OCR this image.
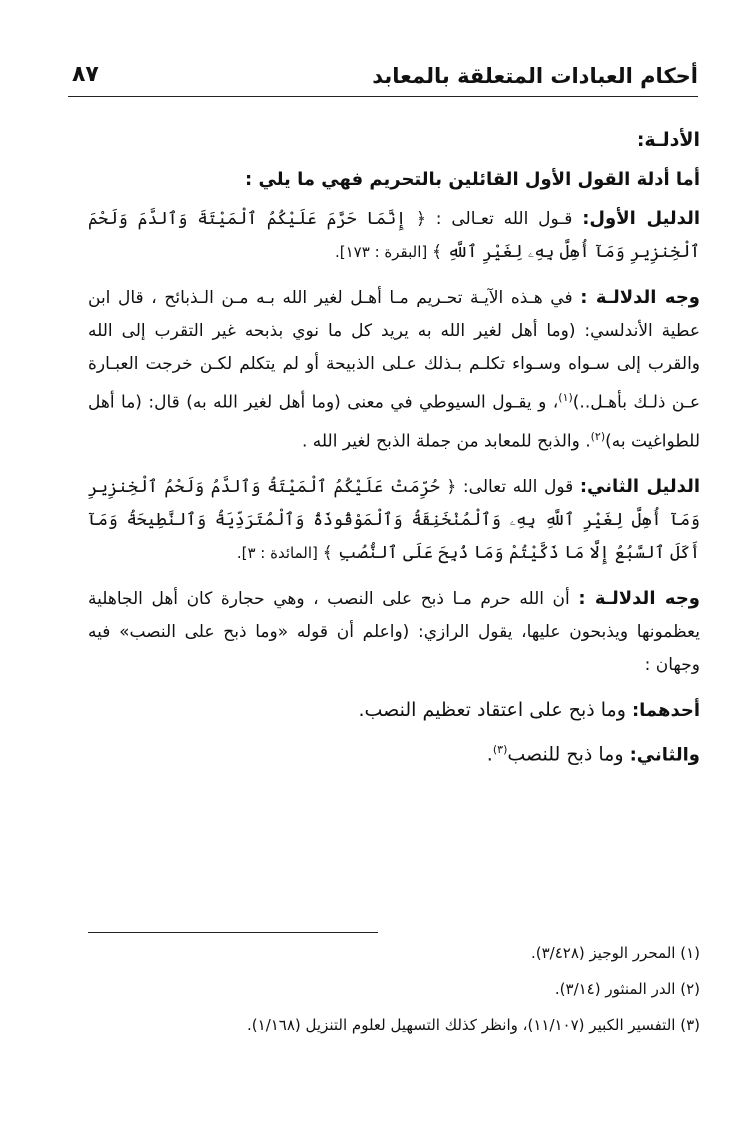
أحكام العبادات المتعلقة بالمعابد
٨٧
الأدلـة:
أما أدلة القول الأول القائلين بالتحريم فهي ما يلي :

الدليل الأول: قـول الله تعـالى : ﴿ إِنَّمَا حَرَّمَ عَلَيْكُمُ ٱلْمَيْتَةَ وَٱلدَّمَ وَلَحْمَ ٱلْخِنزِيرِ وَمَآ أُهِلَّ بِهِۦ لِغَيْرِ ٱللَّهِ ﴾ [البقرة : ١٧٣].

وجه الدلالـة : في هـذه الآيـة تحـريم مـا أهـل لغير الله بـه مـن الـذبائح ، قال ابن عطية الأندلسي: (وما أهل لغير الله به يريد كل ما نوي بذبحه غير التقرب إلى الله والقرب إلى سـواه وسـواء تكلـم بـذلك عـلى الذبيحة أو لم يتكلم لكـن خرجت العبـارة عـن ذلـك بأهـل..)$^{(١)}$، و يقـول السيوطي في معنى (وما أهل لغير الله به) قال: (ما أهل للطواغيت به)$^{(٢)}$. والذبح للمعابد من جملة الذبح لغير الله .

الدليل الثاني: قول الله تعالى: ﴿ حُرِّمَتْ عَلَيْكُمُ ٱلْمَيْتَةُ وَٱلدَّمُ وَلَحْمُ ٱلْخِنزِيرِ وَمَآ أُهِلَّ لِغَيْرِ ٱللَّهِ بِهِۦ وَٱلْمُنْخَنِقَةُ وَٱلْمَوْقُوذَةُ وَٱلْمُتَرَدِّيَةُ وَٱلنَّطِيحَةُ وَمَآ أَكَلَ ٱلسَّبُعُ إِلَّا مَا ذَكَّيْتُمْ وَمَا ذُبِحَ عَلَى ٱلنُّصُبِ ﴾ [المائدة : ٣].

وجه الدلالـة : أن الله حرم مـا ذبح على النصب ، وهي حجارة كان أهل الجاهلية يعظمونها ويذبحون عليها، يقول الرازي: (واعلم أن قوله «وما ذبح على النصب» فيه وجهان :

أحدهما: وما ذبح على اعتقاد تعظيم النصب.

والثاني: وما ذبح للنصب$^{(٣)}$.

(١) المحرر الوجيز (٣/٤٢٨).
(٢) الدر المنثور (٣/١٤).
(٣) التفسير الكبير (١١/١٠٧)، وانظر كذلك التسهيل لعلوم التنزيل (١/١٦٨).
